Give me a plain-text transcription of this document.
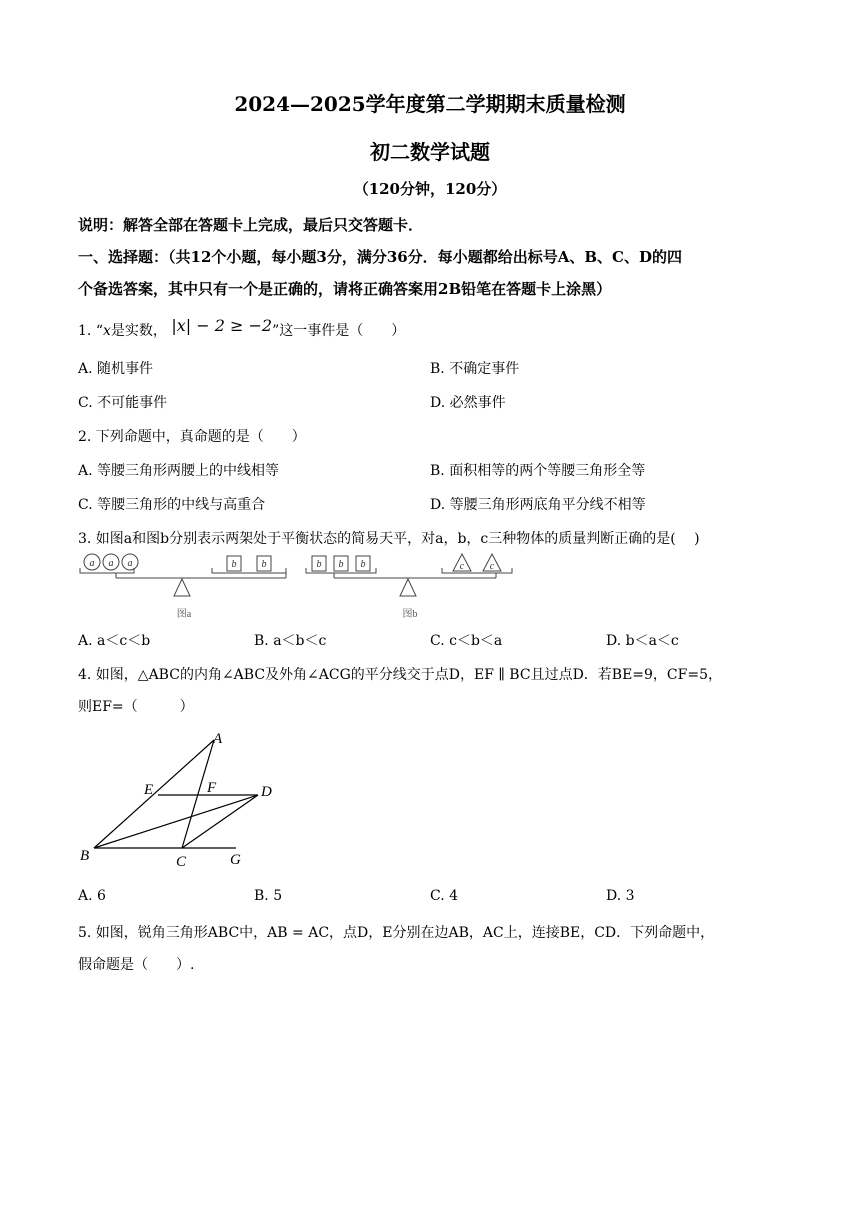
2024—2025学年度第二学期期末质量检测
初二数学试题
（120分钟，120分）
说明：解答全部在答题卡上完成，最后只交答题卡．
一、选择题：（共12个小题，每小题3分，满分36分．每小题都给出标号A、B、C、D的四
个备选答案，其中只有一个是正确的，请将正确答案用2B铅笔在答题卡上涂黑）
1. “x是实数， |x| − 2 ≥ −2”这一事件是（　　）
A. 随机事件	B. 不确定事件
C. 不可能事件	D. 必然事件
2. 下列命题中，真命题的是（　　）
A. 等腰三角形两腰上的中线相等	B. 面积相等的两个等腰三角形全等
C. 等腰三角形的中线与高重合	D. 等腰三角形两底角平分线不相等
3. 如图a和图b分别表示两架处于平衡状态的简易天平，对a，b，c三种物体的质量判断正确的是(　 )
a a a	b	b
图a
b b b	c	c
图b
A. a＜c＜b	B. a＜b＜c	C. c＜b＜a	D. b＜a＜c
4. 如图，△ABC的内角∠ABC及外角∠ACG的平分线交于点D，EF ∥ BC且过点D．若BE=9，CF=5，
则EF=（　　　）
A
B	C
D
E	F
G
A. 6	B. 5	C. 4	D. 3
5. 如图，锐角三角形ABC中，AB = AC，点D，E分别在边AB，AC上，连接BE，CD．下列命题中，
假命题是（　　）.
